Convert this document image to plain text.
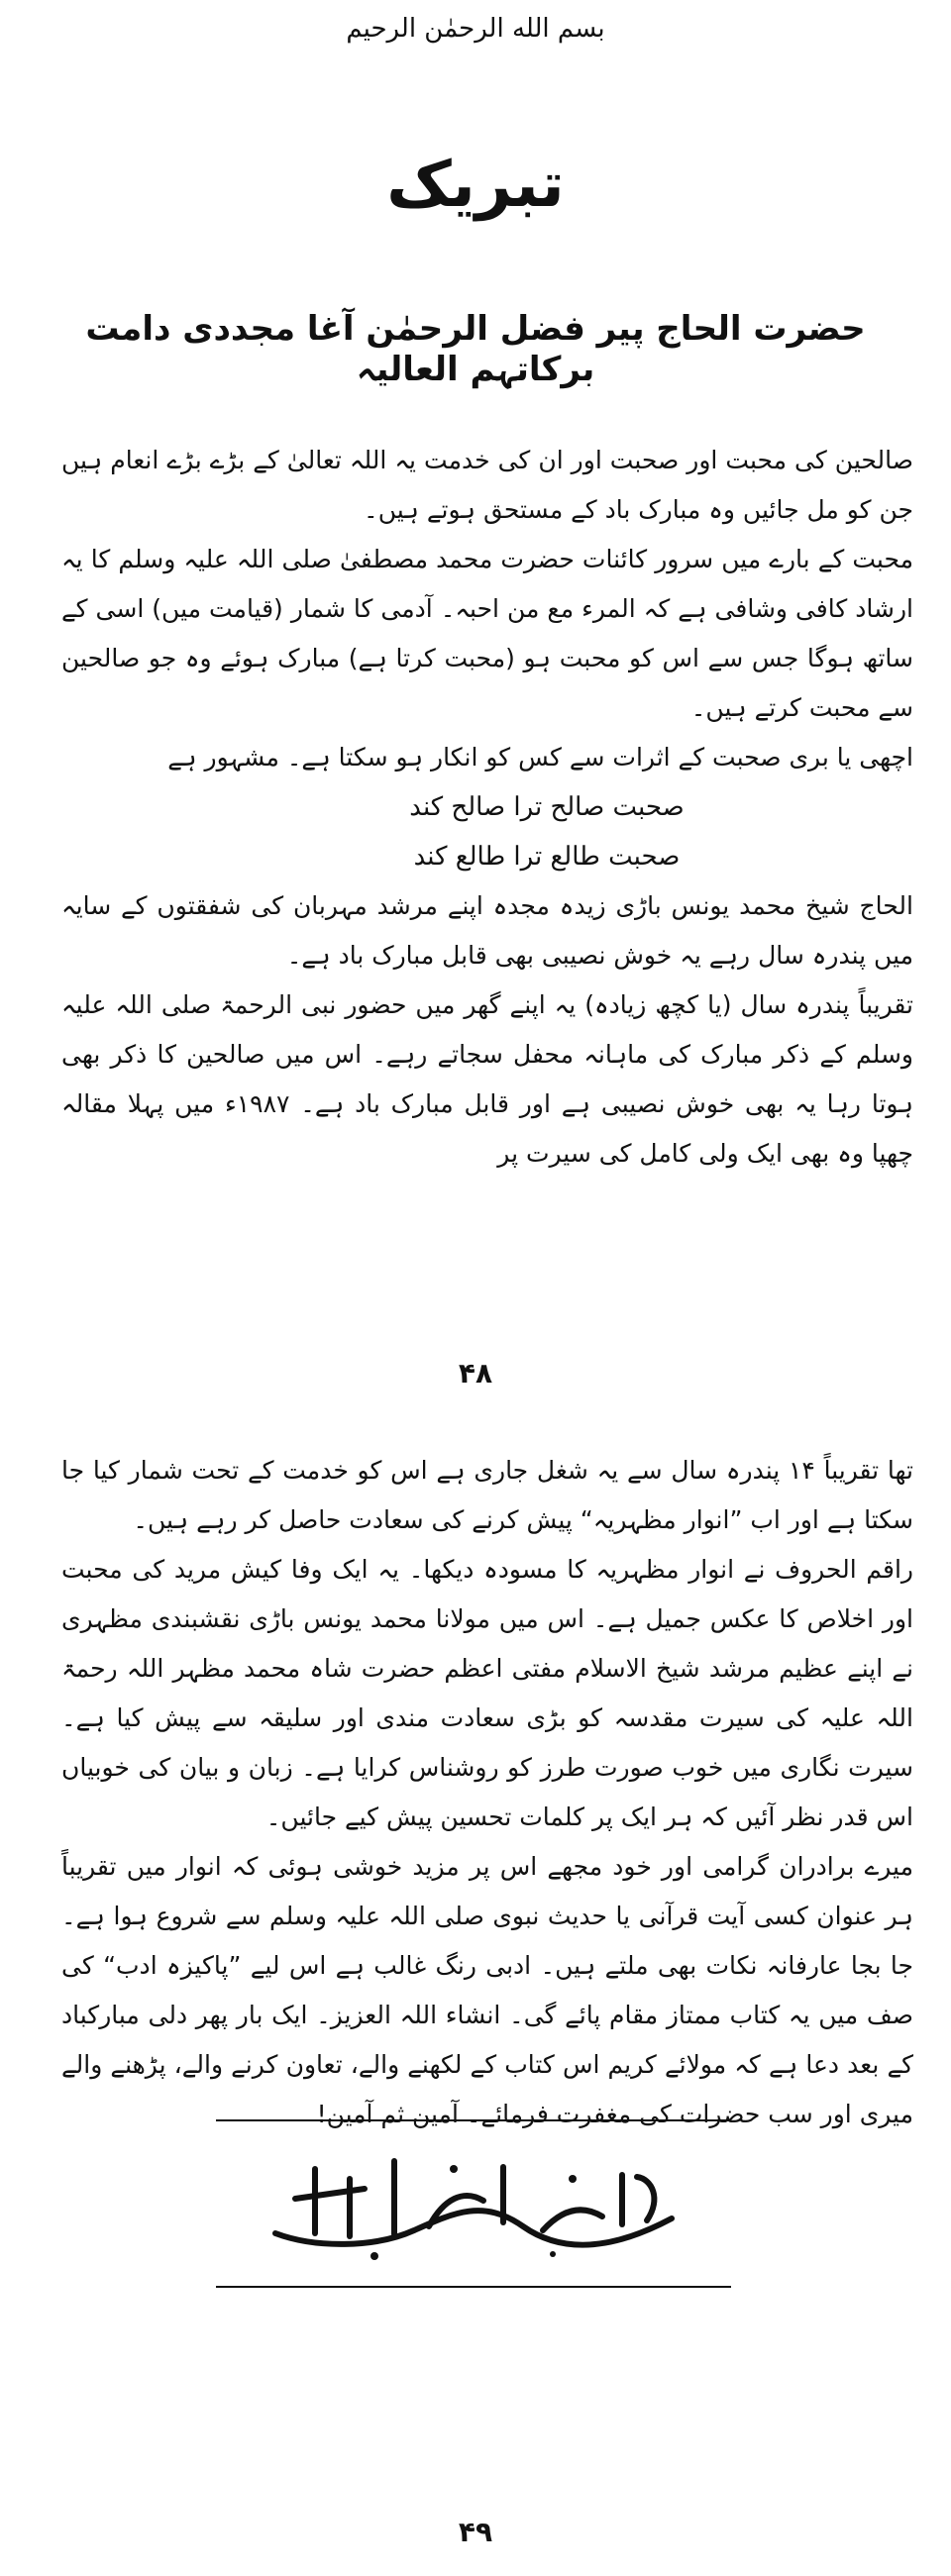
بسم الله الرحمٰن الرحیم
تبریک
حضرت الحاج پیر فضل الرحمٰن آغا مجددی دامت برکاتہم العالیہ

صالحین کی محبت اور صحبت اور ان کی خدمت یہ اللہ تعالیٰ کے بڑے بڑے انعام ہیں جن کو مل جائیں وہ مبارک باد کے مستحق ہوتے ہیں۔

محبت کے بارے میں سرور کائنات حضرت محمد مصطفیٰ صلی اللہ علیہ وسلم کا یہ ارشاد کافی وشافی ہے کہ المرء مع من احبہ۔ آدمی کا شمار (قیامت میں) اسی کے ساتھ ہوگا جس سے اس کو محبت ہو (محبت کرتا ہے) مبارک ہوئے وہ جو صالحین سے محبت کرتے ہیں۔

اچھی یا بری صحبت کے اثرات سے کس کو انکار ہو سکتا ہے۔ مشہور ہے

صحبت صالح ترا صالح کند
صحبت طالع ترا طالع کند

الحاج شیخ محمد یونس باڑی زیدہ مجدہ اپنے مرشد مہربان کی شفقتوں کے سایہ میں پندرہ سال رہے یہ خوش نصیبی بھی قابل مبارک باد ہے۔

تقریباً پندرہ سال (یا کچھ زیادہ) یہ اپنے گھر میں حضور نبی الرحمۃ صلی اللہ علیہ وسلم کے ذکر مبارک کی ماہانہ محفل سجاتے رہے۔ اس میں صالحین کا ذکر بھی ہوتا رہا یہ بھی خوش نصیبی ہے اور قابل مبارک باد ہے۔ ۱۹۸۷ء میں پہلا مقالہ چھپا وہ بھی ایک ولی کامل کی سیرت پر

۴۸

تھا تقریباً ۱۴ پندرہ سال سے یہ شغل جاری ہے اس کو خدمت کے تحت شمار کیا جا سکتا ہے اور اب ”انوار مظہریہ“ پیش کرنے کی سعادت حاصل کر رہے ہیں۔

راقم الحروف نے انوار مظہریہ کا مسودہ دیکھا۔ یہ ایک وفا کیش مرید کی محبت اور اخلاص کا عکس جمیل ہے۔ اس میں مولانا محمد یونس باڑی نقشبندی مظہری نے اپنے عظیم مرشد شیخ الاسلام مفتی اعظم حضرت شاہ محمد مظہر اللہ رحمۃ اللہ علیہ کی سیرت مقدسہ کو بڑی سعادت مندی اور سلیقہ سے پیش کیا ہے۔ سیرت نگاری میں خوب صورت طرز کو روشناس کرایا ہے۔ زبان و بیان کی خوبیاں اس قدر نظر آئیں کہ ہر ایک پر کلمات تحسین پیش کیے جائیں۔

میرے برادران گرامی اور خود مجھے اس پر مزید خوشی ہوئی کہ انوار میں تقریباً ہر عنوان کسی آیت قرآنی یا حدیث نبوی صلی اللہ علیہ وسلم سے شروع ہوا ہے۔ جا بجا عارفانہ نکات بھی ملتے ہیں۔ ادبی رنگ غالب ہے اس لیے ”پاکیزہ ادب“ کی صف میں یہ کتاب ممتاز مقام پائے گی۔ انشاء اللہ العزیز۔ ایک بار پھر دلی مبارکباد کے بعد دعا ہے کہ مولائے کریم اس کتاب کے لکھنے والے، تعاون کرنے والے، پڑھنے والے میری اور سب حضرات کی مغفرت فرمائے۔ آمین ثم آمین!

۴۹
